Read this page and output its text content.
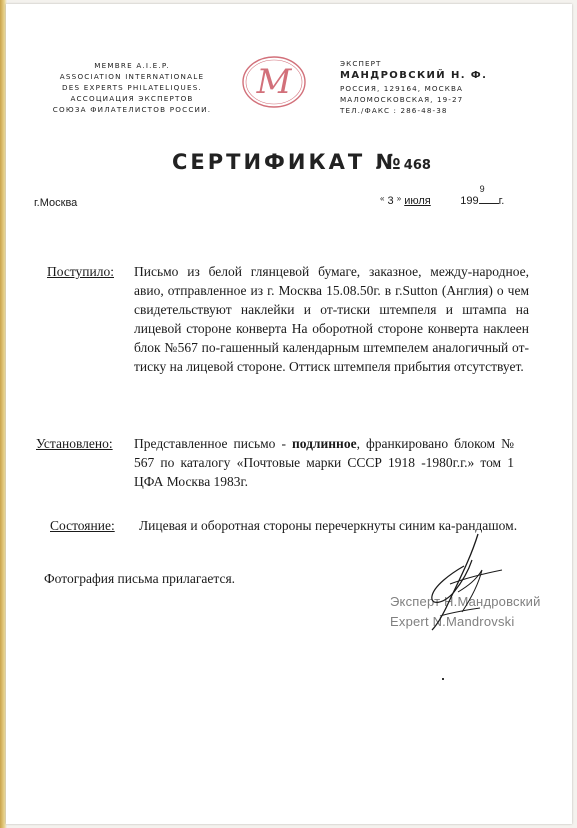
MEMBRE A.I.E.P.
ASSOCIATION INTERNATIONALE
DES EXPERTS PHILATELIQUES.
АССОЦИАЦИЯ ЭКСПЕРТОВ
СОЮЗА ФИЛАТЕЛИСТОВ РОССИИ.
M	ЭКСПЕРТ
МАНДРОВСКИЙ Н. Ф.
РОССИЯ, 129164, МОСКВА
МАЛОМОСКОВСКАЯ, 19-27
ТЕЛ./ФАКС : 286-48-38
СЕРТИФИКАТ №468
г.Москва	« 3 » июля	199
9
г.
Поступило: Письмо из белой глянцевой бумаге, заказное, между-народное, авио, отправленное из г. Москва 15.08.50г. в г.Sutton (Англия) о чем свидетельствуют наклейки и от-тиски штемпеля и штампа на лицевой стороне конверта На оборотной стороне конверта наклеен блок №567 по-гашенный календарным штемпелем аналогичный от-тиску на лицевой стороне. Оттиск штемпеля прибытия отсутствует.
Установлено: Представленное письмо - подлинное, франкировано блоком № 567 по каталогу «Почтовые марки СССР 1918 -1980г.г.» том 1 ЦФА Москва 1983г.
Состояние: Лицевая и оборотная стороны перечеркнуты синим ка-рандашом.
Фотография письма прилагается.
Эксперт Н.Мандровский
Expert N.Mandrovski
